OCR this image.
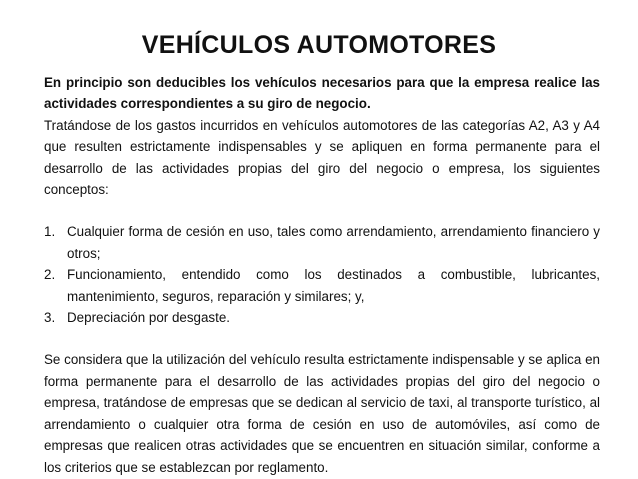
VEHÍCULOS AUTOMOTORES

En principio son deducibles los vehículos necesarios para que la empresa realice las actividades correspondientes a su giro de negocio.

Tratándose de los gastos incurridos en vehículos automotores de las categorías A2, A3 y A4 que resulten estrictamente indispensables y se apliquen en forma permanente para el desarrollo de las actividades propias del giro del negocio o empresa, los siguientes conceptos:

1. Cualquier forma de cesión en uso, tales como arrendamiento, arrendamiento financiero y otros;
2. Funcionamiento, entendido como los destinados a combustible, lubricantes, mantenimiento, seguros, reparación y similares; y,
3. Depreciación por desgaste.

Se considera que la utilización del vehículo resulta estrictamente indispensable y se aplica en forma permanente para el desarrollo de las actividades propias del giro del negocio o empresa, tratándose de empresas que se dedican al servicio de taxi, al transporte turístico, al arrendamiento o cualquier otra forma de cesión en uso de automóviles, así como de empresas que realicen otras actividades que se encuentren en situación similar, conforme a los criterios que se establezcan por reglamento.
